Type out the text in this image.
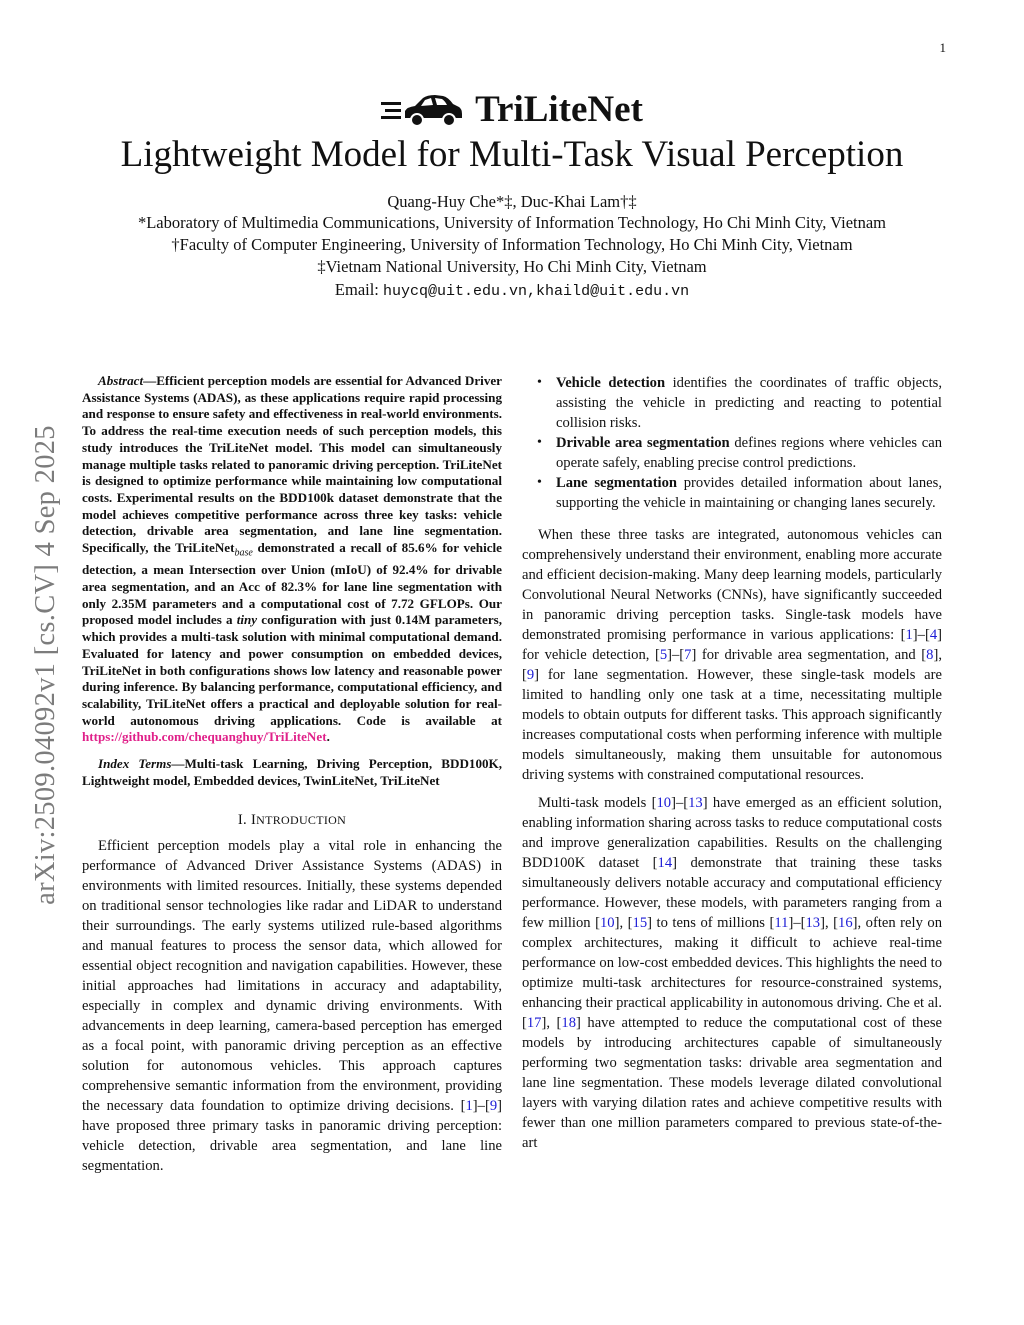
1
arXiv:2509.04092v1 [cs.CV] 4 Sep 2025
TriLiteNet
Lightweight Model for Multi-Task Visual Perception
Quang-Huy Che*‡, Duc-Khai Lam†‡
*Laboratory of Multimedia Communications, University of Information Technology, Ho Chi Minh City, Vietnam
†Faculty of Computer Engineering, University of Information Technology, Ho Chi Minh City, Vietnam
‡Vietnam National University, Ho Chi Minh City, Vietnam
Email: huycq@uit.edu.vn,khaild@uit.edu.vn

Abstract—Efficient perception models are essential for Advanced Driver Assistance Systems (ADAS), as these applications require rapid processing and response to ensure safety and effectiveness in real-world environments. To address the real-time execution needs of such perception models, this study introduces the TriLiteNet model. This model can simultaneously manage multiple tasks related to panoramic driving perception. TriLiteNet is designed to optimize performance while maintaining low computational costs. Experimental results on the BDD100k dataset demonstrate that the model achieves competitive performance across three key tasks: vehicle detection, drivable area segmentation, and lane line segmentation. Specifically, the TriLiteNet$_{base}$ demonstrated a recall of 85.6% for vehicle detection, a mean Intersection over Union (mIoU) of 92.4% for drivable area segmentation, and an Acc of 82.3% for lane line segmentation with only 2.35M parameters and a computational cost of 7.72 GFLOPs. Our proposed model includes a tiny configuration with just 0.14M parameters, which provides a multi-task solution with minimal computational demand. Evaluated for latency and power consumption on embedded devices, TriLiteNet in both configurations shows low latency and reasonable power during inference. By balancing performance, computational efficiency, and scalability, TriLiteNet offers a practical and deployable solution for real-world autonomous driving applications. Code is available at https://github.com/chequanghuy/TriLiteNet.

Index Terms—Multi-task Learning, Driving Perception, BDD100K, Lightweight model, Embedded devices, TwinLiteNet, TriLiteNet

I. INTRODUCTION

Efficient perception models play a vital role in enhancing the performance of Advanced Driver Assistance Systems (ADAS) in environments with limited resources. Initially, these systems depended on traditional sensor technologies like radar and LiDAR to understand their surroundings. The early systems utilized rule-based algorithms and manual features to process the sensor data, which allowed for essential object recognition and navigation capabilities. However, these initial approaches had limitations in accuracy and adaptability, especially in complex and dynamic driving environments. With advancements in deep learning, camera-based perception has emerged as a focal point, with panoramic driving perception as an effective solution for autonomous vehicles. This approach captures comprehensive semantic information from the environment, providing the necessary data foundation to optimize driving decisions. [1]–[9] have proposed three primary tasks in panoramic driving perception: vehicle detection, drivable area segmentation, and lane line segmentation.

• Vehicle detection identifies the coordinates of traffic objects, assisting the vehicle in predicting and reacting to potential collision risks.
• Drivable area segmentation defines regions where vehicles can operate safely, enabling precise control predictions.
• Lane segmentation provides detailed information about lanes, supporting the vehicle in maintaining or changing lanes securely.

When these three tasks are integrated, autonomous vehicles can comprehensively understand their environment, enabling more accurate and efficient decision-making. Many deep learning models, particularly Convolutional Neural Networks (CNNs), have significantly succeeded in panoramic driving perception tasks. Single-task models have demonstrated promising performance in various applications: [1]–[4] for vehicle detection, [5]–[7] for drivable area segmentation, and [8], [9] for lane segmentation. However, these single-task models are limited to handling only one task at a time, necessitating multiple models to obtain outputs for different tasks. This approach significantly increases computational costs when performing inference with multiple models simultaneously, making them unsuitable for autonomous driving systems with constrained computational resources.

Multi-task models [10]–[13] have emerged as an efficient solution, enabling information sharing across tasks to reduce computational costs and improve generalization capabilities. Results on the challenging BDD100K dataset [14] demonstrate that training these tasks simultaneously delivers notable accuracy and computational efficiency performance. However, these models, with parameters ranging from a few million [10], [15] to tens of millions [11]–[13], [16], often rely on complex architectures, making it difficult to achieve real-time performance on low-cost embedded devices. This highlights the need to optimize multi-task architectures for resource-constrained systems, enhancing their practical applicability in autonomous driving. Che et al. [17], [18] have attempted to reduce the computational cost of these models by introducing architectures capable of simultaneously performing two segmentation tasks: drivable area segmentation and lane line segmentation. These models leverage dilated convolutional layers with varying dilation rates and achieve competitive results with fewer than one million parameters compared to previous state-of-the-art
